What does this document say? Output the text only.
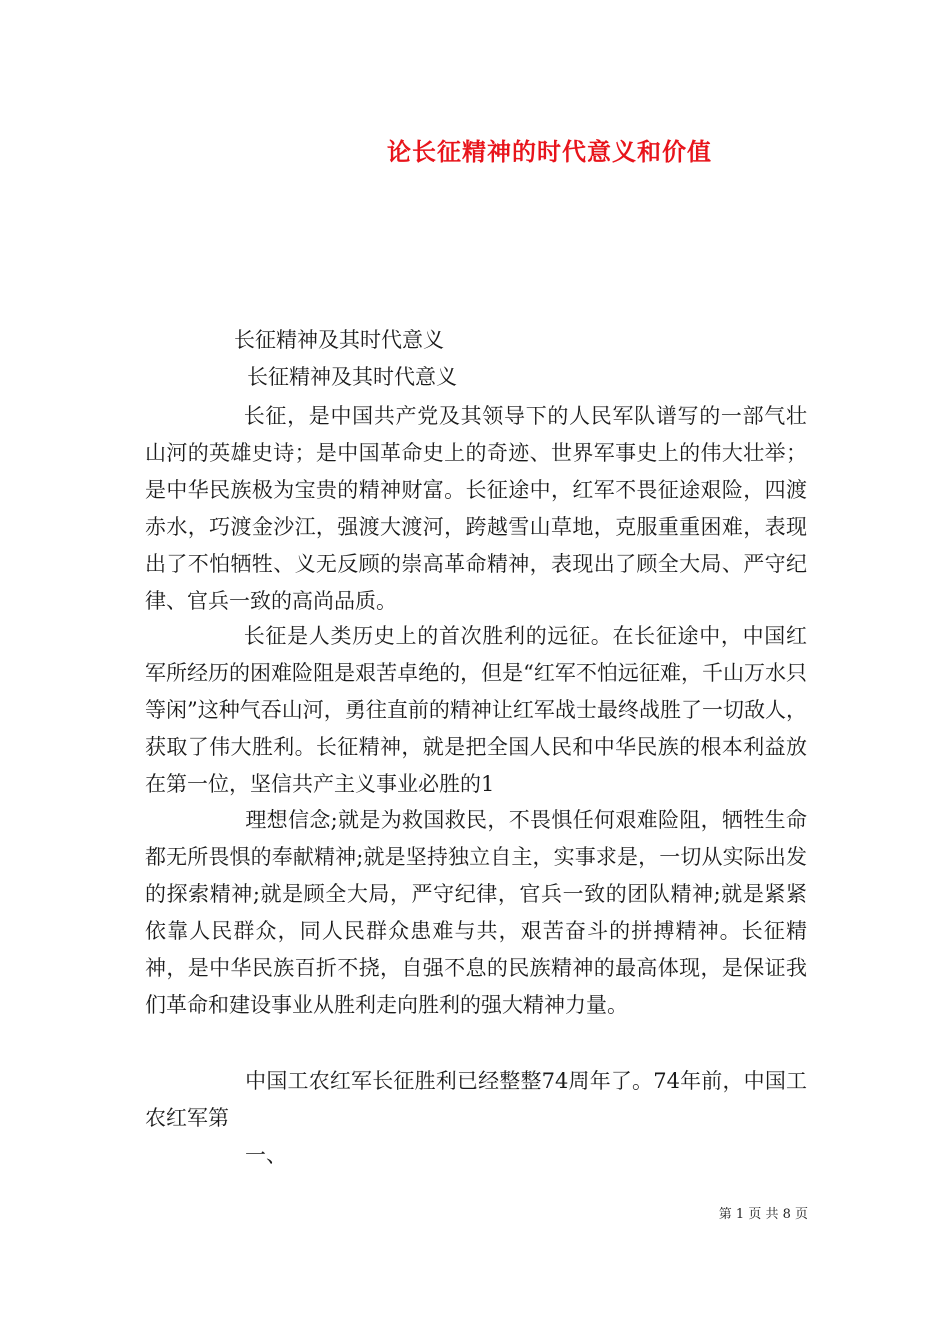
论长征精神的时代意义和价值
长征精神及其时代意义
长征精神及其时代意义
长征，是中国共产党及其领导下的人民军队谱写的一部气壮山河的英雄史诗；是中国革命史上的奇迹、世界军事史上的伟大壮举；是中华民族极为宝贵的精神财富。长征途中，红军不畏征途艰险，四渡赤水，巧渡金沙江，强渡大渡河，跨越雪山草地，克服重重困难，表现出了不怕牺牲、义无反顾的崇高革命精神，表现出了顾全大局、严守纪律、官兵一致的高尚品质。
长征是人类历史上的首次胜利的远征。在长征途中，中国红军所经历的困难险阻是艰苦卓绝的，但是“红军不怕远征难，千山万水只等闲”这种气吞山河，勇往直前的精神让红军战士最终战胜了一切敌人，获取了伟大胜利。长征精神，就是把全国人民和中华民族的根本利益放在第一位，坚信共产主义事业必胜的1
理想信念;就是为救国救民，不畏惧任何艰难险阻，牺牲生命都无所畏惧的奉献精神;就是坚持独立自主，实事求是，一切从实际出发的探索精神;就是顾全大局，严守纪律，官兵一致的团队精神;就是紧紧依靠人民群众，同人民群众患难与共，艰苦奋斗的拼搏精神。长征精神，是中华民族百折不挠，自强不息的民族精神的最高体现，是保证我们革命和建设事业从胜利走向胜利的强大精神力量。
中国工农红军长征胜利已经整整74周年了。74年前，中国工农红军第
一、
第 1 页 共 8 页
